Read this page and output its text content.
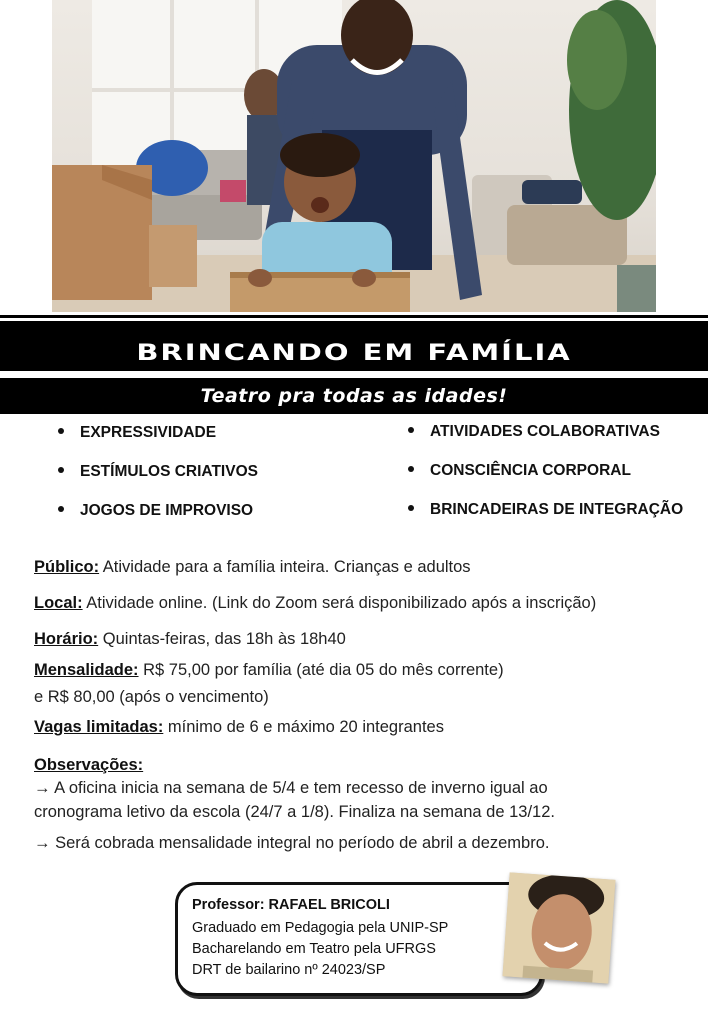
BRINCANDO EM FAMÍLIA
Teatro pra todas as idades!
EXPRESSIVIDADE
ESTÍMULOS CRIATIVOS
JOGOS DE IMPROVISO
ATIVIDADES COLABORATIVAS
CONSCIÊNCIA CORPORAL
BRINCADEIRAS DE INTEGRAÇÃO
Público: Atividade para a família inteira. Crianças e adultos
Local: Atividade online. (Link do Zoom será disponibilizado após a inscrição)
Horário: Quintas-feiras, das 18h às 18h40
Mensalidade: R$ 75,00 por família (até dia 05 do mês corrente)
e R$ 80,00 (após o vencimento)
Vagas limitadas: mínimo de 6 e máximo 20 integrantes
Observações:
→ A oficina inicia na semana de 5/4 e tem recesso de inverno igual ao
cronograma letivo da escola (24/7 a 1/8). Finaliza na semana de 13/12.
→ Será cobrada mensalidade integral no período de abril a dezembro.
Professor: RAFAEL BRICOLI
Graduado em Pedagogia pela UNIP-SP
Bacharelando em Teatro pela UFRGS
DRT de bailarino nº 24023/SP
